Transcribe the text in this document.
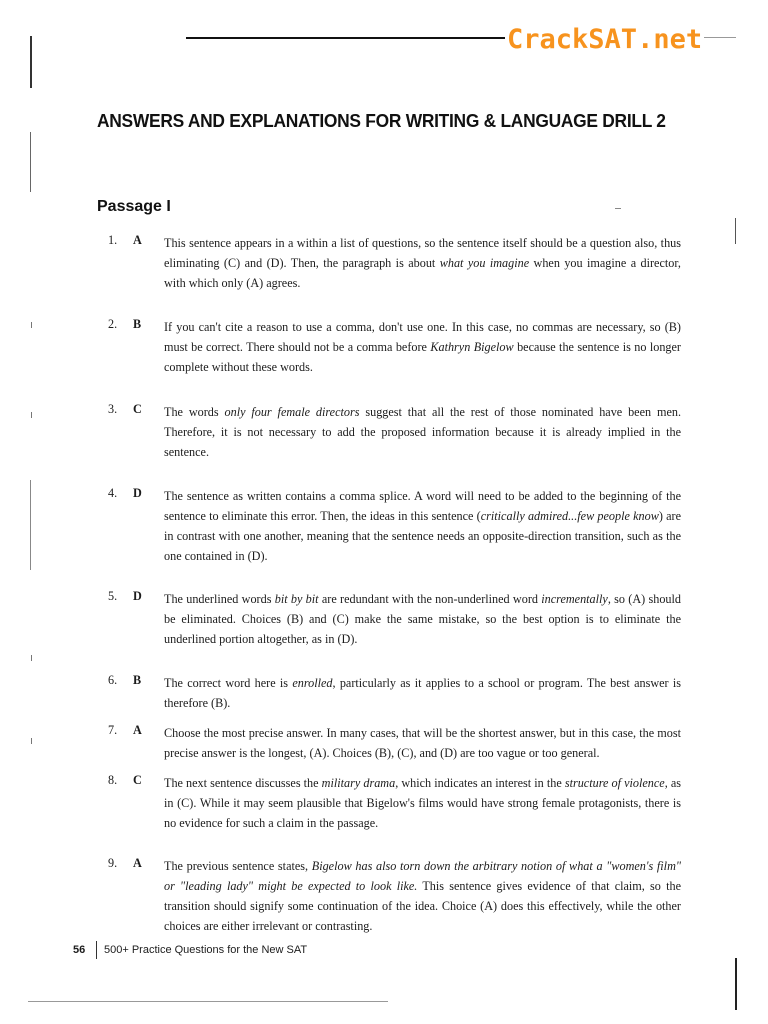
CrackSAT.net
ANSWERS AND EXPLANATIONS FOR WRITING & LANGUAGE DRILL 2
Passage I
1. A This sentence appears in a within a list of questions, so the sentence itself should be a question also, thus eliminating (C) and (D). Then, the paragraph is about what you imagine when you imagine a director, with which only (A) agrees.
2. B If you can't cite a reason to use a comma, don't use one. In this case, no commas are necessary, so (B) must be correct. There should not be a comma before Kathryn Bigelow because the sentence is no longer complete without these words.
3. C The words only four female directors suggest that all the rest of those nominated have been men. Therefore, it is not necessary to add the proposed information because it is already implied in the sentence.
4. D The sentence as written contains a comma splice. A word will need to be added to the beginning of the sentence to eliminate this error. Then, the ideas in this sentence (critically admired...few people know) are in contrast with one another, meaning that the sentence needs an opposite-direction transition, such as the one contained in (D).
5. D The underlined words bit by bit are redundant with the non-underlined word incrementally, so (A) should be eliminated. Choices (B) and (C) make the same mistake, so the best option is to eliminate the underlined portion altogether, as in (D).
6. B The correct word here is enrolled, particularly as it applies to a school or program. The best answer is therefore (B).
7. A Choose the most precise answer. In many cases, that will be the shortest answer, but in this case, the most precise answer is the longest, (A). Choices (B), (C), and (D) are too vague or too general.
8. C The next sentence discusses the military drama, which indicates an interest in the structure of violence, as in (C). While it may seem plausible that Bigelow's films would have strong female protagonists, there is no evidence for such a claim in the passage.
9. A The previous sentence states, Bigelow has also torn down the arbitrary notion of what a "women's film" or "leading lady" might be expected to look like. This sentence gives evidence of that claim, so the transition should signify some continuation of the idea. Choice (A) does this effectively, while the other choices are either irrelevant or contrasting.
56 500+ Practice Questions for the New SAT
